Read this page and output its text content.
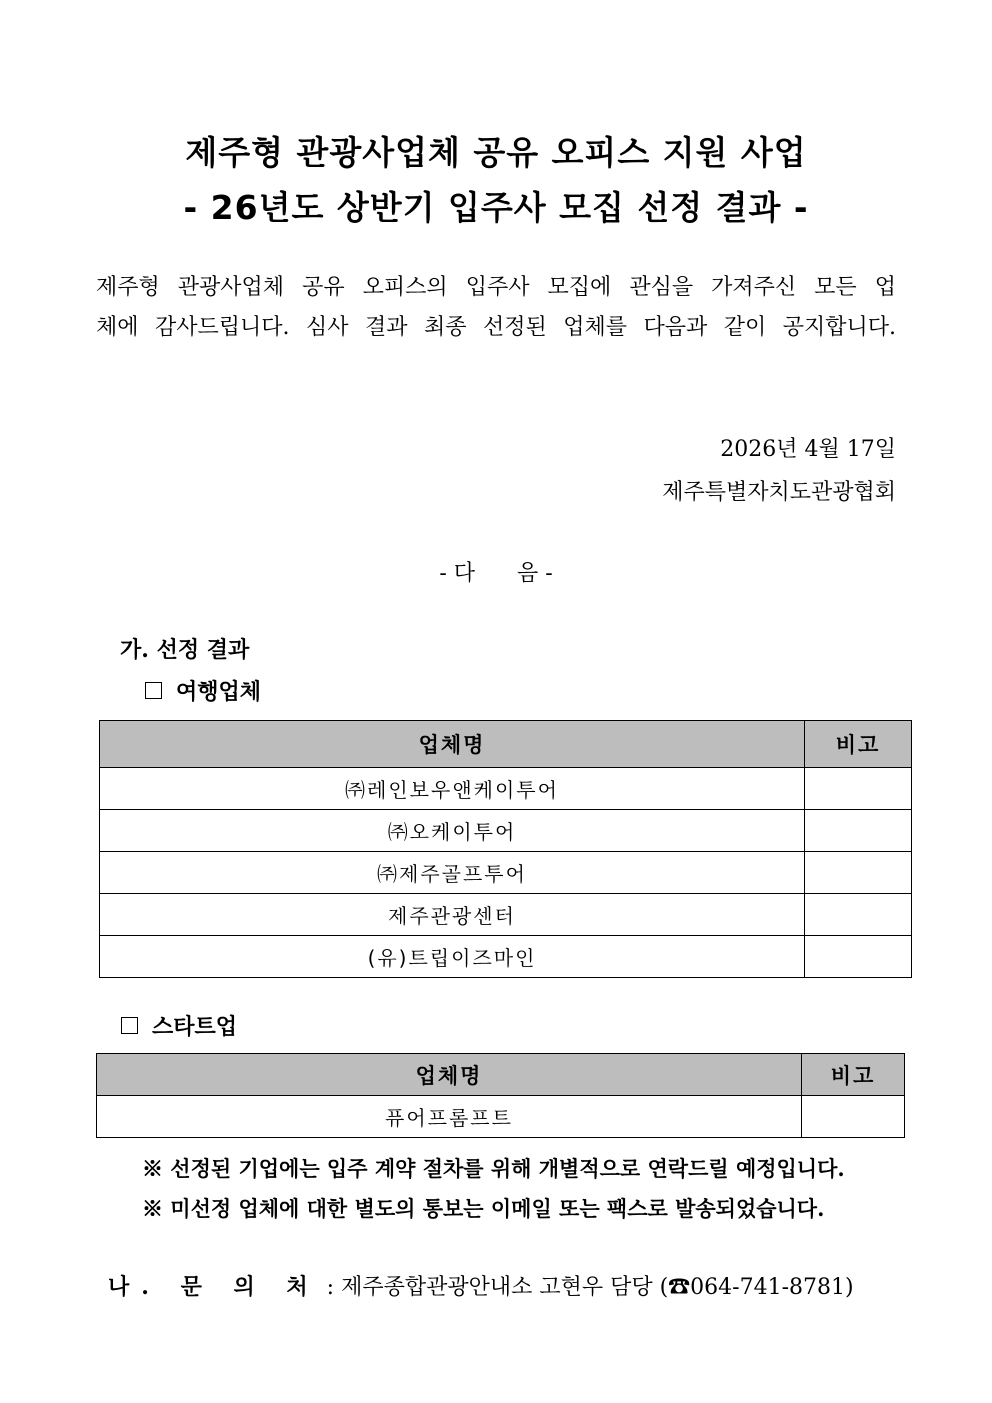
제주형 관광사업체 공유 오피스 지원 사업
- 26년도 상반기 입주사 모집 선정 결과 -
제주형 관광사업체 공유 오피스의 입주사 모집에 관심을 가져주신 모든 업
체에 감사드립니다. 심사 결과 최종 선정된 업체를 다음과 같이 공지합니다.
2026년 4월 17일
제주특별자치도관광협회
- 다      음 -
가. 선정 결과
여행업체
업체명	비고
㈜레인보우앤케이투어	
㈜오케이투어	
㈜제주골프투어	
제주관광센터	
(유)트립이즈마인	
스타트업
업체명	비고
퓨어프롬프트	
※ 선정된 기업에는 입주 계약 절차를 위해 개별적으로 연락드릴 예정입니다.
※ 미선정 업체에 대한 별도의 통보는 이메일 또는 팩스로 발송되었습니다.
나. 문 의 처 : 제주종합관광안내소 고현우 담당 (☎064-741-8781)
